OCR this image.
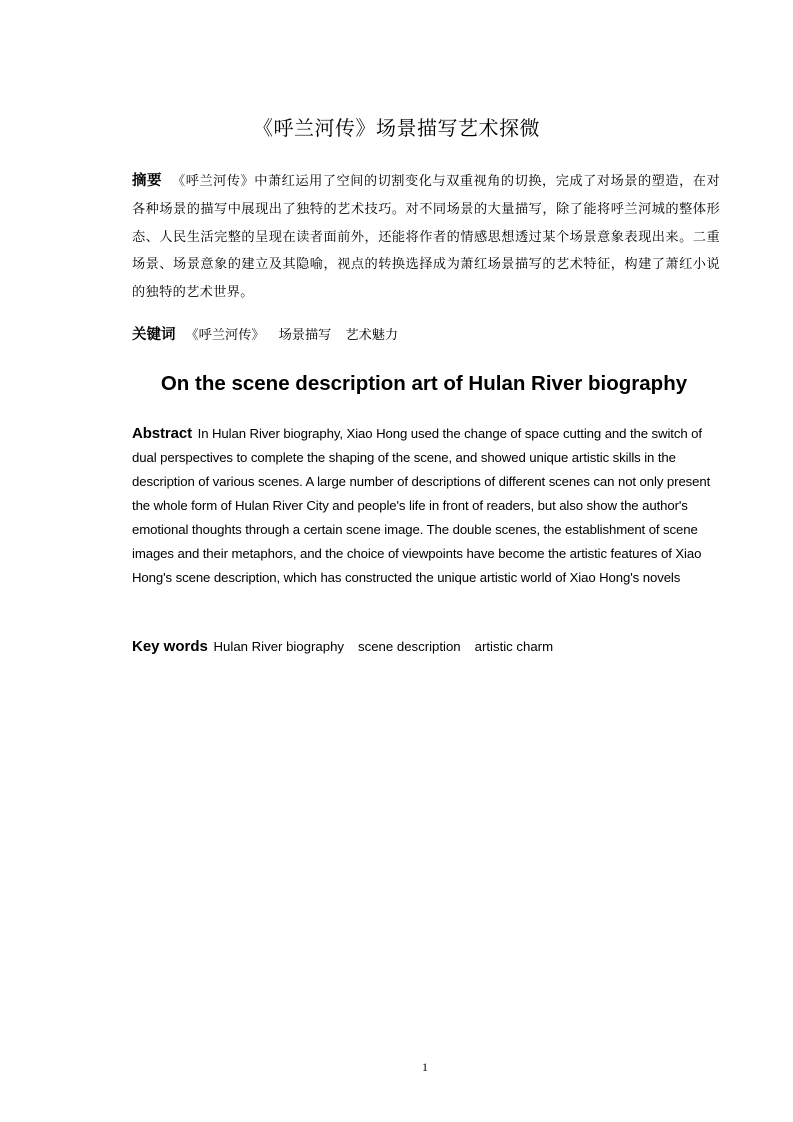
《呼兰河传》场景描写艺术探微
摘要 《呼兰河传》中萧红运用了空间的切割变化与双重视角的切换，完成了对场景的塑造，在对各种场景的描写中展现出了独特的艺术技巧。对不同场景的大量描写，除了能将呼兰河城的整体形态、人民生活完整的呈现在读者面前外，还能将作者的情感思想透过某个场景意象表现出来。二重场景、场景意象的建立及其隐喻，视点的转换选择成为萧红场景描写的艺术特征，构建了萧红小说的独特的艺术世界。
关键词 《呼兰河传》 场景描写 艺术魅力
On the scene description art of Hulan River biography
Abstract In Hulan River biography, Xiao Hong used the change of space cutting and the switch of dual perspectives to complete the shaping of the scene, and showed unique artistic skills in the description of various scenes. A large number of descriptions of different scenes can not only present the whole form of Hulan River City and people's life in front of readers, but also show the author's emotional thoughts through a certain scene image. The double scenes, the establishment of scene images and their metaphors, and the choice of viewpoints have become the artistic features of Xiao Hong's scene description, which has constructed the unique artistic world of Xiao Hong's novels
Key words Hulan River biography scene description artistic charm
1
